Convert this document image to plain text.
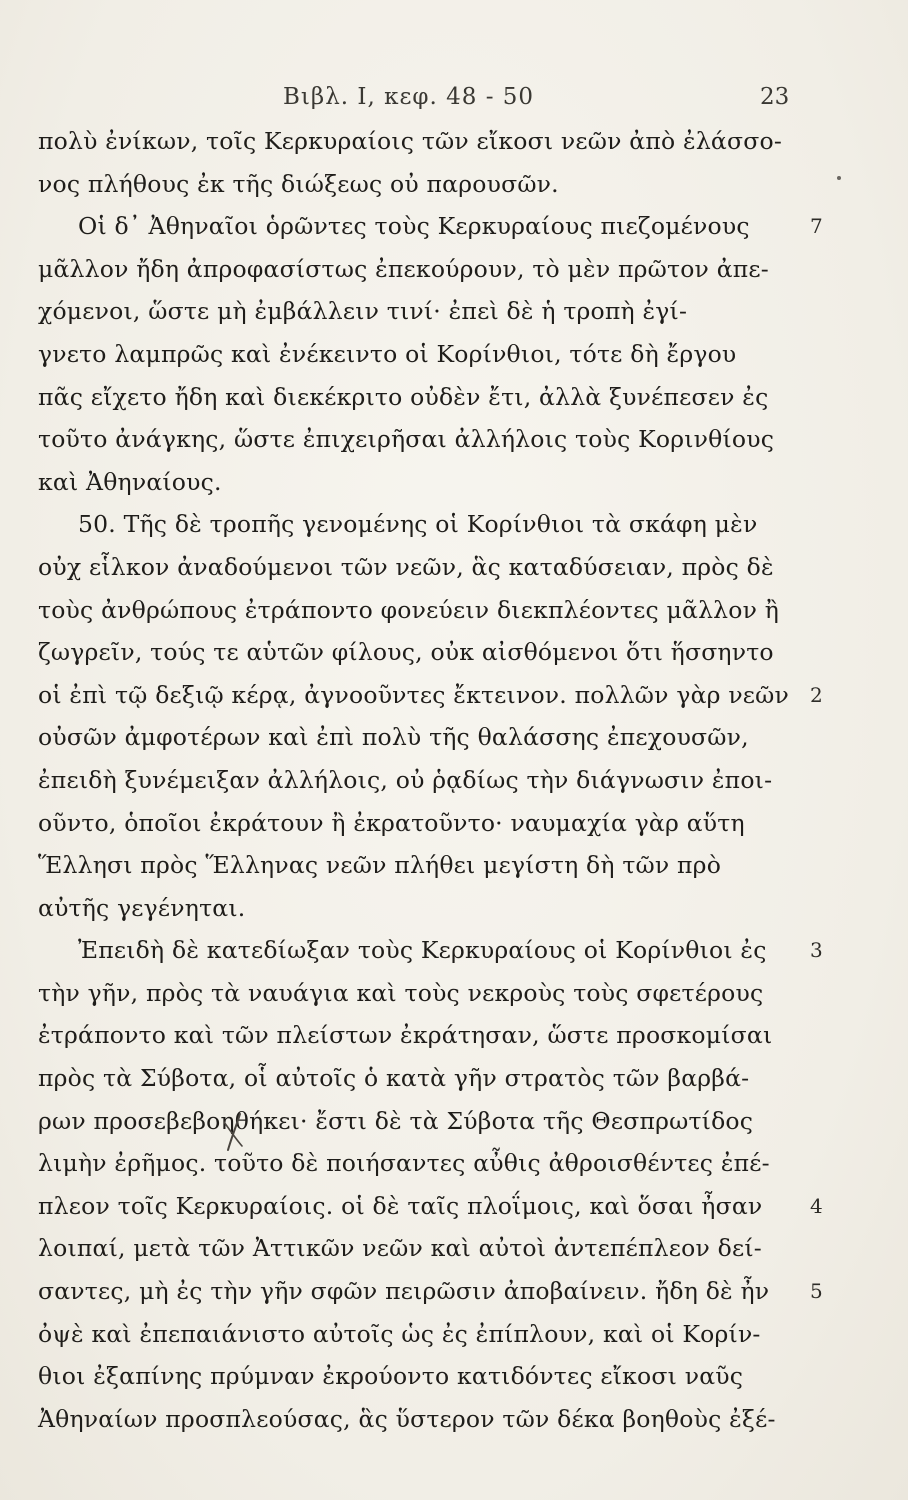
Βιβλ. I, κεφ. 48 - 50	23
πολὺ ἐνίκων, τοῖς Κερκυραίοις τῶν εἴκοσι νεῶν ἀπὸ ἐλάσσο-
νος πλήθους ἐκ τῆς διώξεως οὐ παρουσῶν.
Οἱ δ᾽ Ἀθηναῖοι ὁρῶντες τοὺς Κερκυραίους πιεζομένους	7
μᾶλλον ἤδη ἀπροφασίστως ἐπεκούρουν, τὸ μὲν πρῶτον ἀπε-
χόμενοι, ὥστε μὴ ἐμβάλλειν τινί· ἐπεὶ δὲ ἡ τροπὴ ἐγί-
γνετο λαμπρῶς καὶ ἐνέκειντο οἱ Κορίνθιοι, τότε δὴ ἔργου
πᾶς εἴχετο ἤδη καὶ διεκέκριτο οὐδὲν ἔτι, ἀλλὰ ξυνέπεσεν ἐς
τοῦτο ἀνάγκης, ὥστε ἐπιχειρῆσαι ἀλλήλοις τοὺς Κορινθίους
καὶ Ἀθηναίους.
50. Τῆς δὲ τροπῆς γενομένης οἱ Κορίνθιοι τὰ σκάφη μὲν
οὐχ εἷλκον ἀναδούμενοι τῶν νεῶν, ἃς καταδύσειαν, πρὸς δὲ
τοὺς ἀνθρώπους ἐτράποντο φονεύειν διεκπλέοντες μᾶλλον ἢ
ζωγρεῖν, τούς τε αὑτῶν φίλους, οὐκ αἰσθόμενοι ὅτι ἥσσηντο
οἱ ἐπὶ τῷ δεξιῷ κέρᾳ, ἀγνοοῦντες ἔκτεινον. πολλῶν γὰρ νεῶν 2
οὐσῶν ἀμφοτέρων καὶ ἐπὶ πολὺ τῆς θαλάσσης ἐπεχουσῶν,
ἐπειδὴ ξυνέμειξαν ἀλλήλοις, οὐ ῥᾳδίως τὴν διάγνωσιν ἐποι-
οῦντο, ὁποῖοι ἐκράτουν ἢ ἐκρατοῦντο· ναυμαχία γὰρ αὕτη
Ἕλλησι πρὸς Ἕλληνας νεῶν πλήθει μεγίστη δὴ τῶν πρὸ
αὐτῆς γεγένηται.
Ἐπειδὴ δὲ κατεδίωξαν τοὺς Κερκυραίους οἱ Κορίνθιοι ἐς 3
τὴν γῆν, πρὸς τὰ ναυάγια καὶ τοὺς νεκροὺς τοὺς σφετέρους
ἐτράποντο καὶ τῶν πλείστων ἐκράτησαν, ὥστε προσκομίσαι
πρὸς τὰ Σύβοτα, οἷ αὐτοῖς ὁ κατὰ γῆν στρατὸς τῶν βαρβά-
ρων προσεβεβοηθήκει· ἔστι δὲ τὰ Σύβοτα τῆς Θεσπρωτίδος
λιμὴν ἐρῆμος. τοῦτο δὲ ποιήσαντες αὖθις ἀθροισθέντες ἐπέ-
πλεον τοῖς Κερκυραίοις. οἱ δὲ ταῖς πλοΐμοις, καὶ ὅσαι ἦσαν 4
λοιπαί, μετὰ τῶν Ἀττικῶν νεῶν καὶ αὐτοὶ ἀντεπέπλεον δεί-
σαντες, μὴ ἐς τὴν γῆν σφῶν πειρῶσιν ἀποβαίνειν. ἤδη δὲ ἦν 5
ὀψὲ καὶ ἐπεπαιάνιστο αὐτοῖς ὡς ἐς ἐπίπλουν, καὶ οἱ Κορίν-
θιοι ἐξαπίνης πρύμναν ἐκρούοντο κατιδόντες εἴκοσι ναῦς
Ἀθηναίων προσπλεούσας, ἃς ὕστερον τῶν δέκα βοηθοὺς ἐξέ-
